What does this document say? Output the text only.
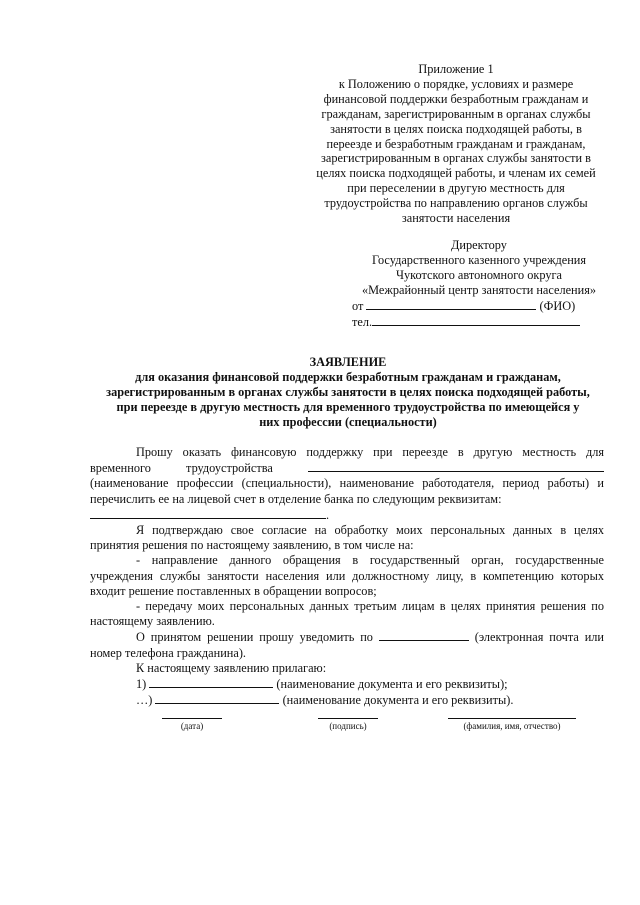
Приложение 1
к Положению о порядке, условиях и размере
финансовой поддержки безработным гражданам и
гражданам, зарегистрированным в органах службы
занятости в целях поиска подходящей работы, в
переезде и безработным гражданам и гражданам,
зарегистрированным в органах службы занятости в
целях поиска подходящей работы, и членам их семей
при переселении в другую местность для
трудоустройства по направлению органов службы
занятости населения
Директору
Государственного казенного учреждения
Чукотского автономного округа
«Межрайонный центр занятости населения»
от	(ФИО)
тел.
ЗАЯВЛЕНИЕ
для оказания финансовой поддержки безработным гражданам и гражданам,
зарегистрированным в органах службы занятости в целях поиска подходящей работы,
при переезде в другую местность для временного трудоустройства по имеющейся у
них профессии (специальности)

Прошу оказать финансовую поддержку при переезде в другую местность для временного трудоустройства  (наименование профессии (специальности), наименование работодателя, период работы) и перечислить ее на лицевой счет в отделение банка по следующим реквизитам:

.

Я подтверждаю свое согласие на обработку моих персональных данных в целях принятия решения по настоящему заявлению, в том числе на:

- направление данного обращения в государственный орган, государственные учреждения службы занятости населения или должностному лицу, в компетенцию которых входит решение поставленных в обращении вопросов;

- передачу моих персональных данных третьим лицам в целях принятия решения по настоящему заявлению.

О принятом решении прошу уведомить по	(электронная почта или номер телефона гражданина).

К настоящему заявлению прилагаю:

1)	(наименование документа и его реквизиты);

…)	(наименование документа и его реквизиты).

(дата)	(подпись)	(фамилия, имя, отчество)
